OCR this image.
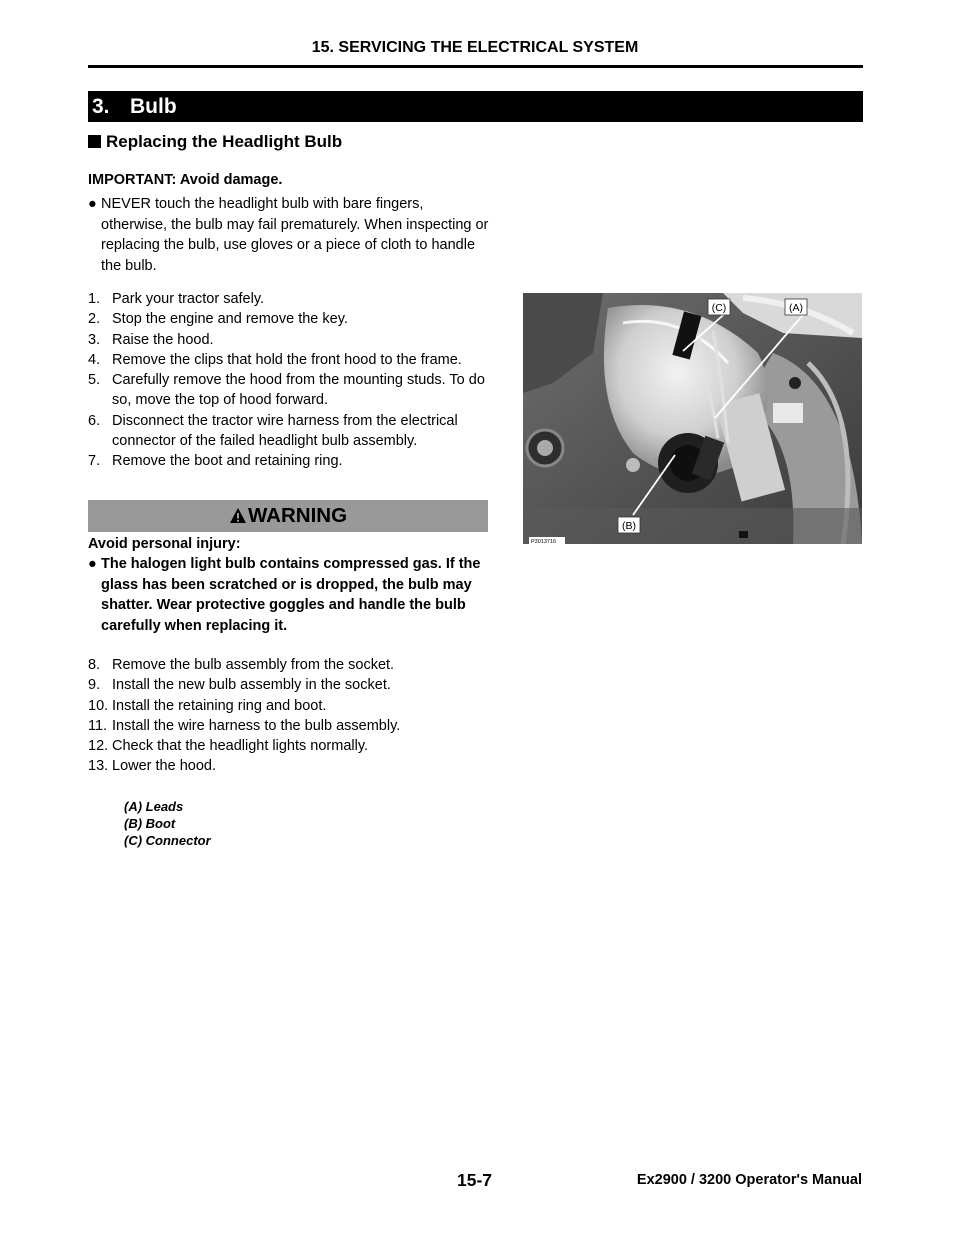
15. SERVICING THE ELECTRICAL SYSTEM
3. Bulb
Replacing the Headlight Bulb
IMPORTANT: Avoid damage.
● NEVER touch the headlight bulb with bare fingers, otherwise, the bulb may fail prematurely. When inspecting or replacing the bulb, use gloves or a piece of cloth to handle the bulb.
1. Park your tractor safely.
2. Stop the engine and remove the key.
3. Raise the hood.
4. Remove the clips that hold the front hood to the frame.
5. Carefully remove the hood from the mounting studs. To do so, move the top of hood forward.
6. Disconnect the tractor wire harness from the electrical connector of the failed headlight bulb assembly.
7. Remove the boot and retaining ring.
WARNING
Avoid personal injury:
● The halogen light bulb contains compressed gas. If the glass has been scratched or is dropped, the bulb may shatter. Wear protective goggles and handle the bulb carefully when replacing it.
8. Remove the bulb assembly from the socket.
9. Install the new bulb assembly in the socket.
10. Install the retaining ring and boot.
11. Install the wire harness to the bulb assembly.
12. Check that the headlight lights normally.
13. Lower the hood.
(A) Leads
(B) Boot
(C) Connector
(C)	(A)
(B)
P3013716
15-7	Ex2900 / 3200 Operator's Manual
